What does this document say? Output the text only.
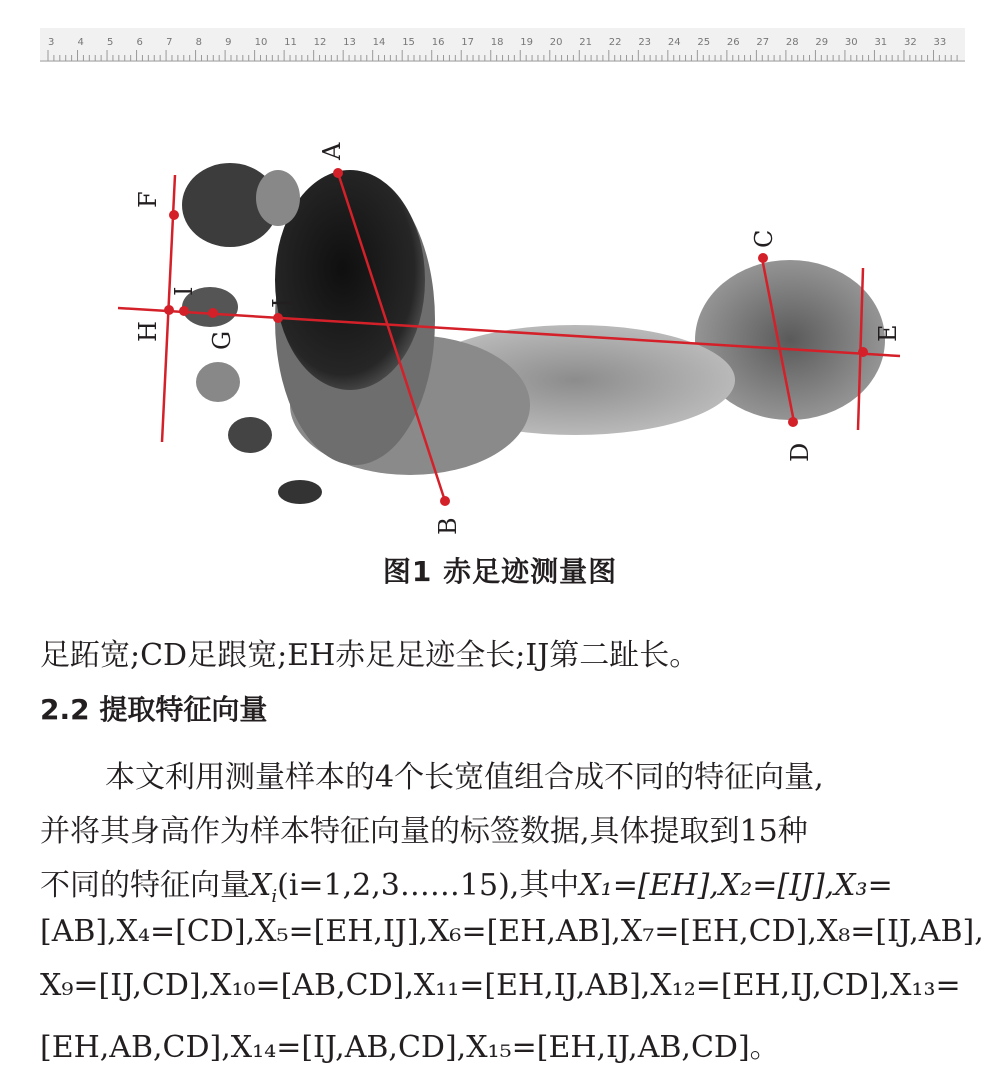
3 4 5 6 7 8 9 10 11 12 13 14 15 16 17 18 19 20 21 22 23 24 25 26 27 28 29 30 31 32 33
A
B
C
D
E
F
G
H
I
J
图1 赤足迹测量图
足跖宽;CD足跟宽;EH赤足足迹全长;IJ第二趾长。
2.2 提取特征向量
本文利用测量样本的4个长宽值组合成不同的特征向量,
并将其身高作为样本特征向量的标签数据,具体提取到15种
不同的特征向量$X_i(i=1,2,3\dots\dots 15)$,其中X₁=[EH],X₂=[IJ],X₃=
[AB],X₄=[CD],X₅=[EH,IJ],X₆=[EH,AB],X₇=[EH,CD],X₈=[IJ,AB],
X₉=[IJ,CD],X₁₀=[AB,CD],X₁₁=[EH,IJ,AB],X₁₂=[EH,IJ,CD],X₁₃=
[EH,AB,CD],X₁₄=[IJ,AB,CD],X₁₅=[EH,IJ,AB,CD]。
